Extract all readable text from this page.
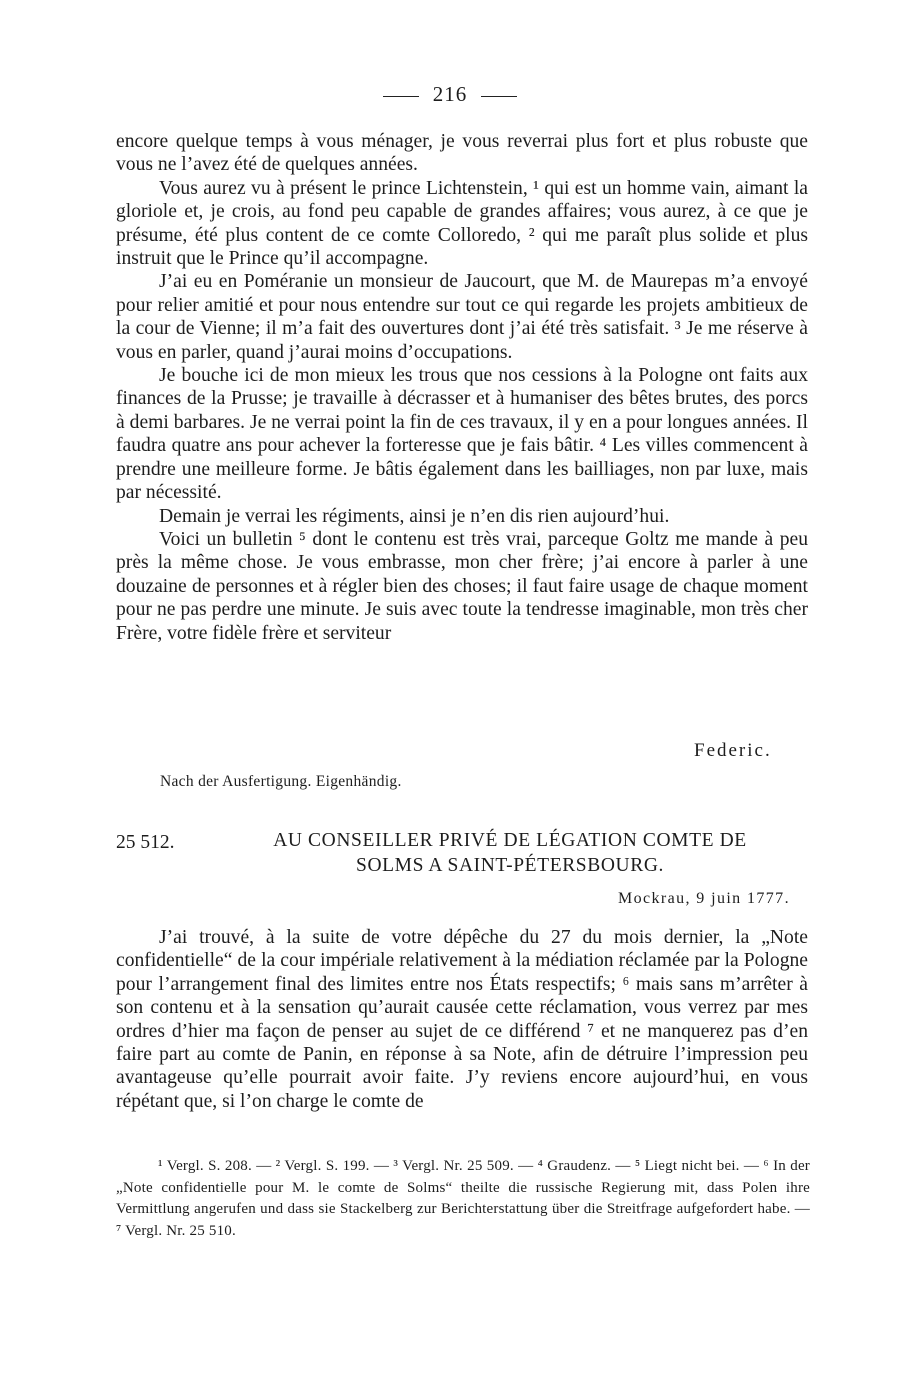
216

encore quelque temps à vous ménager, je vous reverrai plus fort et plus robuste que vous ne l’avez été de quelques années.

Vous aurez vu à présent le prince Lichtenstein, ¹ qui est un homme vain, aimant la gloriole et, je crois, au fond peu capable de grandes affaires; vous aurez, à ce que je présume, été plus content de ce comte Colloredo, ² qui me paraît plus solide et plus instruit que le Prince qu’il accompagne.

J’ai eu en Poméranie un monsieur de Jaucourt, que M. de Maurepas m’a envoyé pour relier amitié et pour nous entendre sur tout ce qui regarde les projets ambitieux de la cour de Vienne; il m’a fait des ouvertures dont j’ai été très satisfait. ³ Je me réserve à vous en parler, quand j’aurai moins d’occupations.

Je bouche ici de mon mieux les trous que nos cessions à la Pologne ont faits aux finances de la Prusse; je travaille à décrasser et à humaniser des bêtes brutes, des porcs à demi barbares. Je ne verrai point la fin de ces travaux, il y en a pour longues années. Il faudra quatre ans pour achever la forteresse que je fais bâtir. ⁴ Les villes commencent à prendre une meilleure forme. Je bâtis également dans les bailliages, non par luxe, mais par nécessité.

Demain je verrai les régiments, ainsi je n’en dis rien aujourd’hui.

Voici un bulletin ⁵ dont le contenu est très vrai, parceque Goltz me mande à peu près la même chose. Je vous embrasse, mon cher frère; j’ai encore à parler à une douzaine de personnes et à régler bien des choses; il faut faire usage de chaque moment pour ne pas perdre une minute. Je suis avec toute la tendresse imaginable, mon très cher Frère, votre fidèle frère et serviteur

Federic.
Nach der Ausfertigung. Eigenhändig.
25 512.	AU CONSEILLER PRIVÉ DE LÉGATION COMTE DE
SOLMS A SAINT-PÉTERSBOURG.
Mockrau, 9 juin 1777.

J’ai trouvé, à la suite de votre dépêche du 27 du mois dernier, la „Note confidentielle“ de la cour impériale relativement à la médiation réclamée par la Pologne pour l’arrangement final des limites entre nos États respectifs; ⁶ mais sans m’arrêter à son contenu et à la sensation qu’aurait causée cette réclamation, vous verrez par mes ordres d’hier ma façon de penser au sujet de ce différend ⁷ et ne manquerez pas d’en faire part au comte de Panin, en réponse à sa Note, afin de détruire l’impression peu avantageuse qu’elle pourrait avoir faite. J’y reviens encore aujourd’hui, en vous répétant que, si l’on charge le comte de

¹ Vergl. S. 208. — ² Vergl. S. 199. — ³ Vergl. Nr. 25 509. — ⁴ Graudenz. — ⁵ Liegt nicht bei. — ⁶ In der „Note confidentielle pour M. le comte de Solms“ theilte die russische Regierung mit, dass Polen ihre Vermittlung angerufen und dass sie Stackelberg zur Berichterstattung über die Streitfrage aufgefordert habe. — ⁷ Vergl. Nr. 25 510.
